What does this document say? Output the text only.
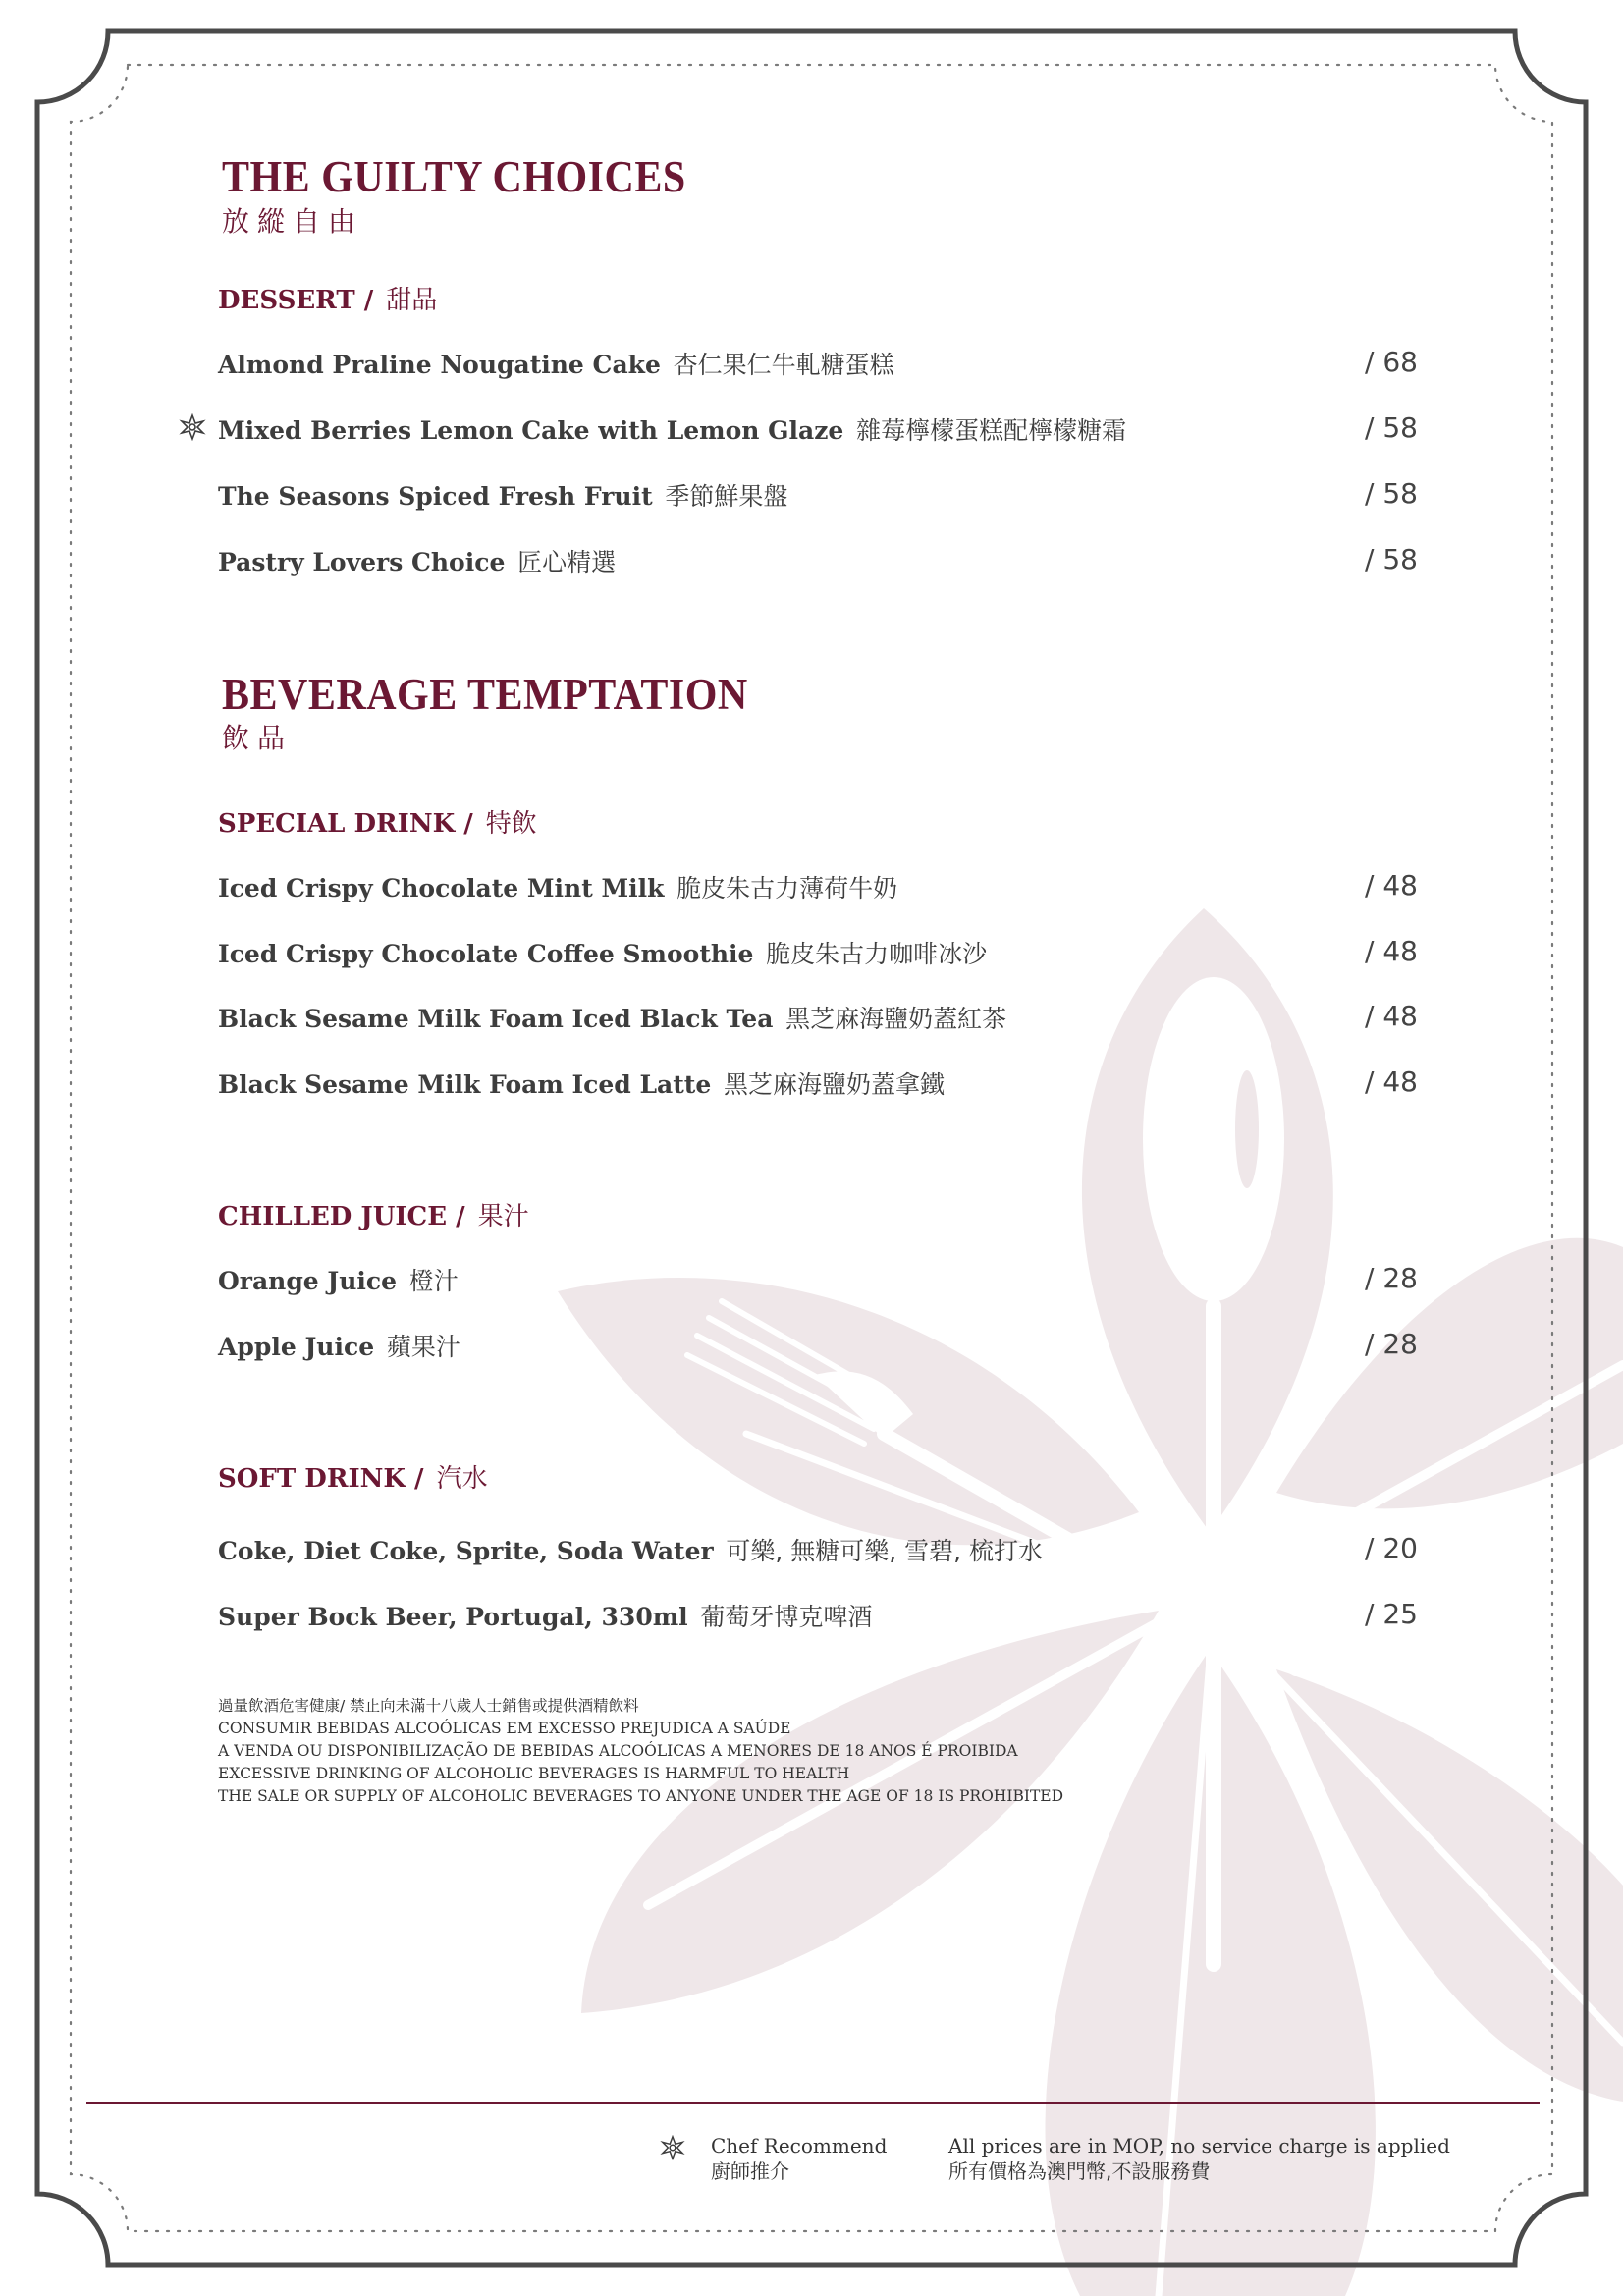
THE GUILTY CHOICES
放縱自由
DESSERT / 甜品
Almond Praline Nougatine Cake 杏仁果仁牛軋糖蛋糕	/ 68
Mixed Berries Lemon Cake with Lemon Glaze 雜莓檸檬蛋糕配檸檬糖霜	/ 58
The Seasons Spiced Fresh Fruit 季節鮮果盤	/ 58
Pastry Lovers Choice 匠心精選	/ 58
BEVERAGE TEMPTATION
飲品
SPECIAL DRINK / 特飲
Iced Crispy Chocolate Mint Milk 脆皮朱古力薄荷牛奶	/ 48
Iced Crispy Chocolate Coffee Smoothie 脆皮朱古力咖啡冰沙	/ 48
Black Sesame Milk Foam Iced Black Tea 黑芝麻海鹽奶蓋紅茶	/ 48
Black Sesame Milk Foam Iced Latte 黑芝麻海鹽奶蓋拿鐵	/ 48
CHILLED JUICE / 果汁
Orange Juice 橙汁	/ 28
Apple Juice 蘋果汁	/ 28
SOFT DRINK / 汽水
Coke, Diet Coke, Sprite, Soda Water 可樂, 無糖可樂, 雪碧, 梳打水	/ 20
Super Bock Beer, Portugal, 330ml 葡萄牙博克啤酒	/ 25
過量飲酒危害健康/ 禁止向未滿十八歲人士銷售或提供酒精飲料
CONSUMIR BEBIDAS ALCOÓLICAS EM EXCESSO PREJUDICA A SAÚDE
A VENDA OU DISPONIBILIZAÇÃO DE BEBIDAS ALCOÓLICAS A MENORES DE 18 ANOS É PROIBIDA
EXCESSIVE DRINKING OF ALCOHOLIC BEVERAGES IS HARMFUL TO HEALTH
THE SALE OR SUPPLY OF ALCOHOLIC BEVERAGES TO ANYONE UNDER THE AGE OF 18 IS PROHIBITED
Chef Recommend
廚師推介
All prices are in MOP, no service charge is applied
所有價格為澳門幣,不設服務費
